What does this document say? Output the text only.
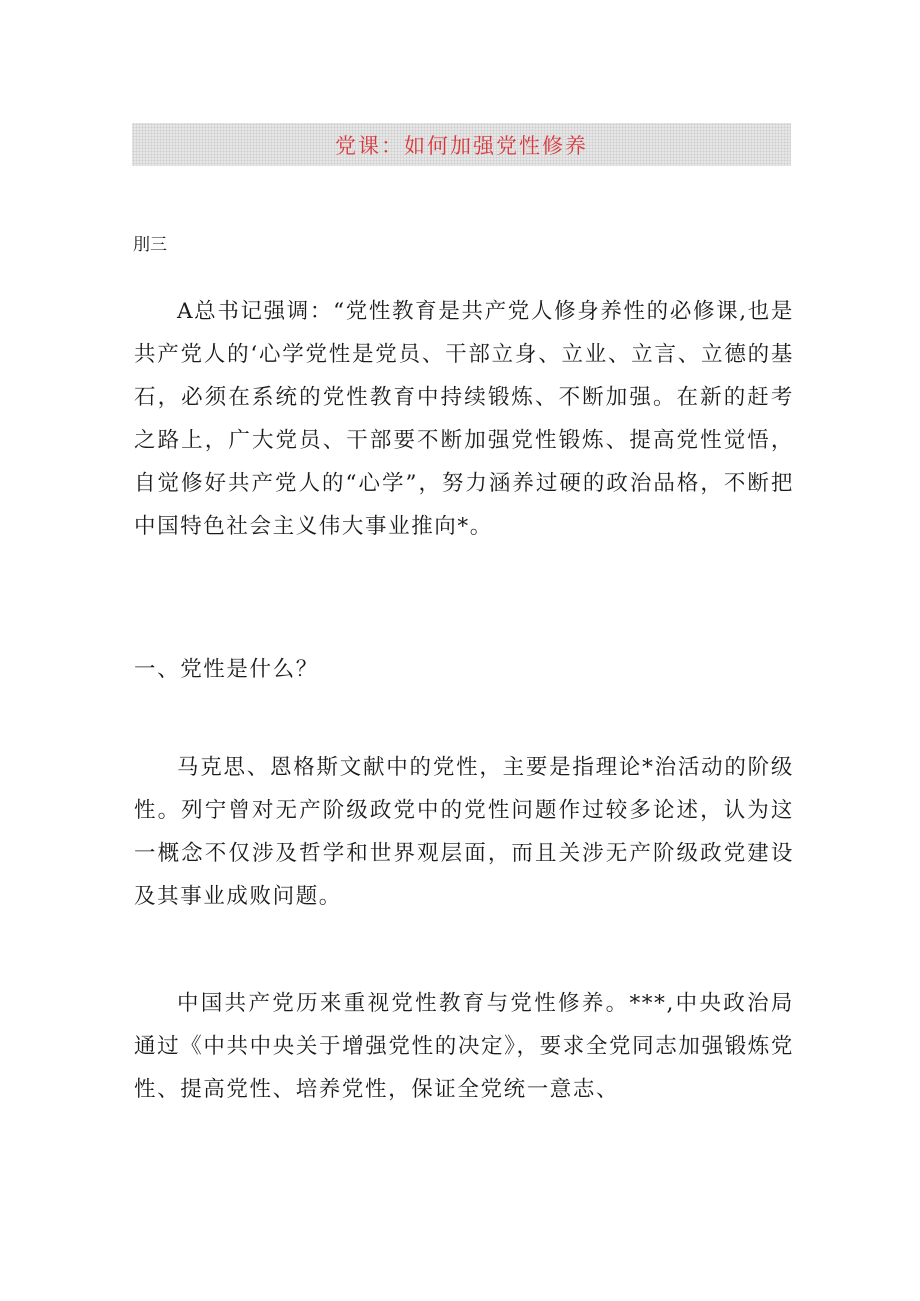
党课：如何加强党性修养
刖三

A总书记强调：“党性教育是共产党人修身养性的必修课,也是共产党人的‘心学党性是党员、干部立身、立业、立言、立德的基石，必须在系统的党性教育中持续锻炼、不断加强。在新的赶考之路上，广大党员、干部要不断加强党性锻炼、提高党性觉悟，自觉修好共产党人的“心学”，努力涵养过硬的政治品格，不断把中国特色社会主义伟大事业推向*。

一、党性是什么？

马克思、恩格斯文献中的党性，主要是指理论*治活动的阶级性。列宁曾对无产阶级政党中的党性问题作过较多论述，认为这一概念不仅涉及哲学和世界观层面，而且关涉无产阶级政党建设及其事业成败问题。

中国共产党历来重视党性教育与党性修养。***,中央政治局通过《中共中央关于增强党性的决定》，要求全党同志加强锻炼党性、提高党性、培养党性，保证全党统一意志、
